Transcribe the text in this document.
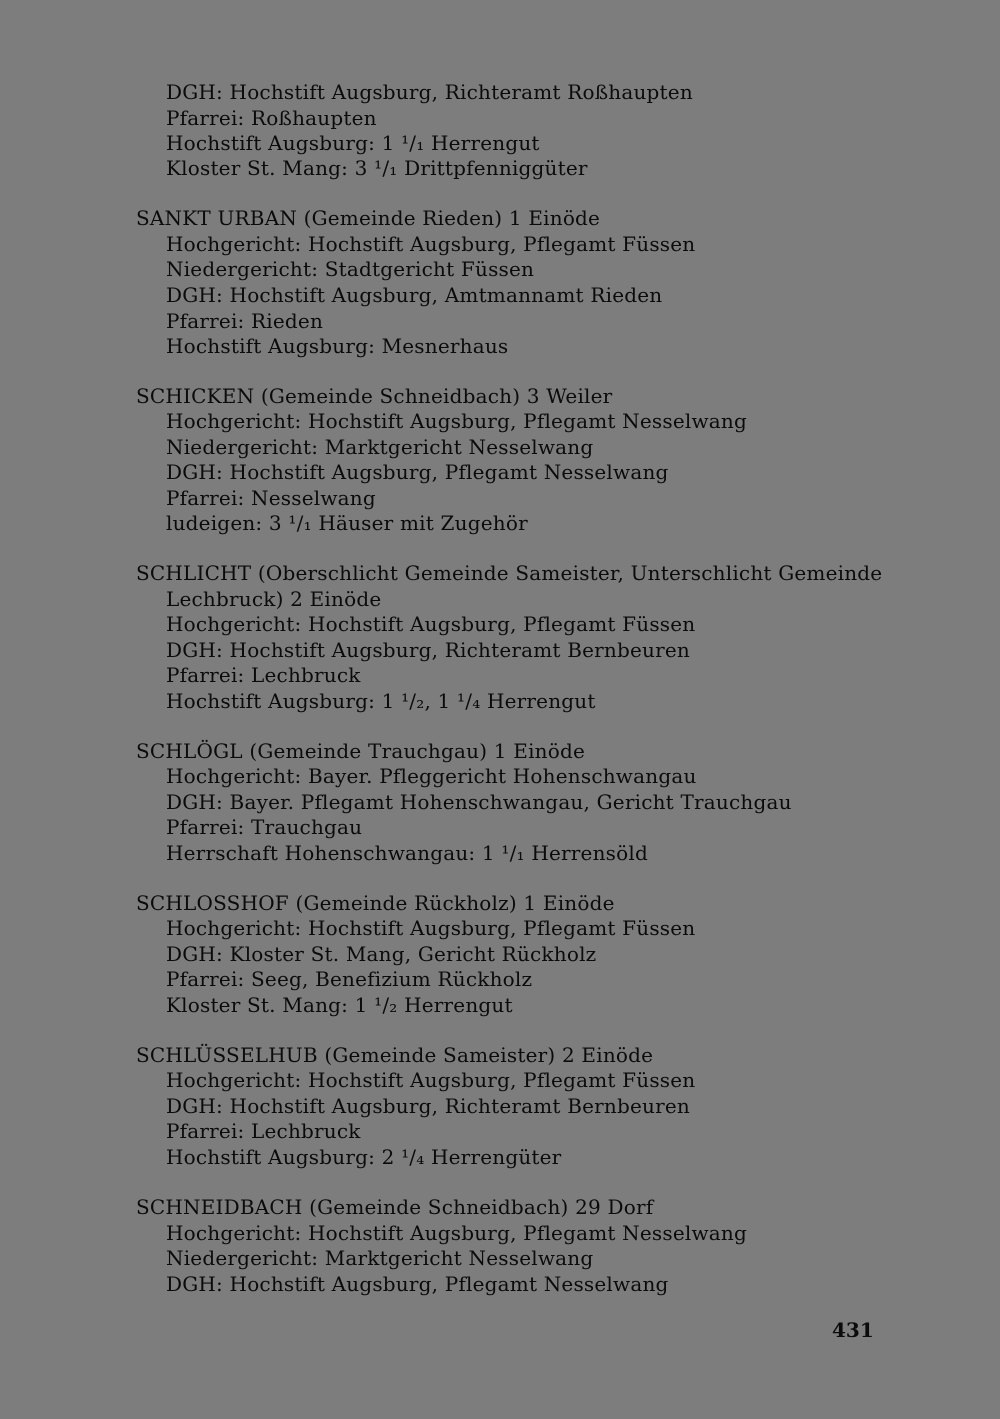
DGH: Hochstift Augsburg, Richteramt Roßhaupten
Pfarrei: Roßhaupten
Hochstift Augsburg: 1 ¹/₁ Herrengut
Kloster St. Mang: 3 ¹/₁ Drittpfenniggüter
SANKT URBAN (Gemeinde Rieden) 1 Einöde
Hochgericht: Hochstift Augsburg, Pflegamt Füssen
Niedergericht: Stadtgericht Füssen
DGH: Hochstift Augsburg, Amtmannamt Rieden
Pfarrei: Rieden
Hochstift Augsburg: Mesnerhaus
SCHICKEN (Gemeinde Schneidbach) 3 Weiler
Hochgericht: Hochstift Augsburg, Pflegamt Nesselwang
Niedergericht: Marktgericht Nesselwang
DGH: Hochstift Augsburg, Pflegamt Nesselwang
Pfarrei: Nesselwang
ludeigen: 3 ¹/₁ Häuser mit Zugehör
SCHLICHT (Oberschlicht Gemeinde Sameister, Unterschlicht Gemeinde
Lechbruck) 2 Einöde
Hochgericht: Hochstift Augsburg, Pflegamt Füssen
DGH: Hochstift Augsburg, Richteramt Bernbeuren
Pfarrei: Lechbruck
Hochstift Augsburg: 1 ¹/₂, 1 ¹/₄ Herrengut
SCHLÖGL (Gemeinde Trauchgau) 1 Einöde
Hochgericht: Bayer. Pfleggericht Hohenschwangau
DGH: Bayer. Pflegamt Hohenschwangau, Gericht Trauchgau
Pfarrei: Trauchgau
Herrschaft Hohenschwangau: 1 ¹/₁ Herrensöld
SCHLOSSHOF (Gemeinde Rückholz) 1 Einöde
Hochgericht: Hochstift Augsburg, Pflegamt Füssen
DGH: Kloster St. Mang, Gericht Rückholz
Pfarrei: Seeg, Benefizium Rückholz
Kloster St. Mang: 1 ¹/₂ Herrengut
SCHLÜSSELHUB (Gemeinde Sameister) 2 Einöde
Hochgericht: Hochstift Augsburg, Pflegamt Füssen
DGH: Hochstift Augsburg, Richteramt Bernbeuren
Pfarrei: Lechbruck
Hochstift Augsburg: 2 ¹/₄ Herrengüter
SCHNEIDBACH (Gemeinde Schneidbach) 29 Dorf
Hochgericht: Hochstift Augsburg, Pflegamt Nesselwang
Niedergericht: Marktgericht Nesselwang
DGH: Hochstift Augsburg, Pflegamt Nesselwang
431
